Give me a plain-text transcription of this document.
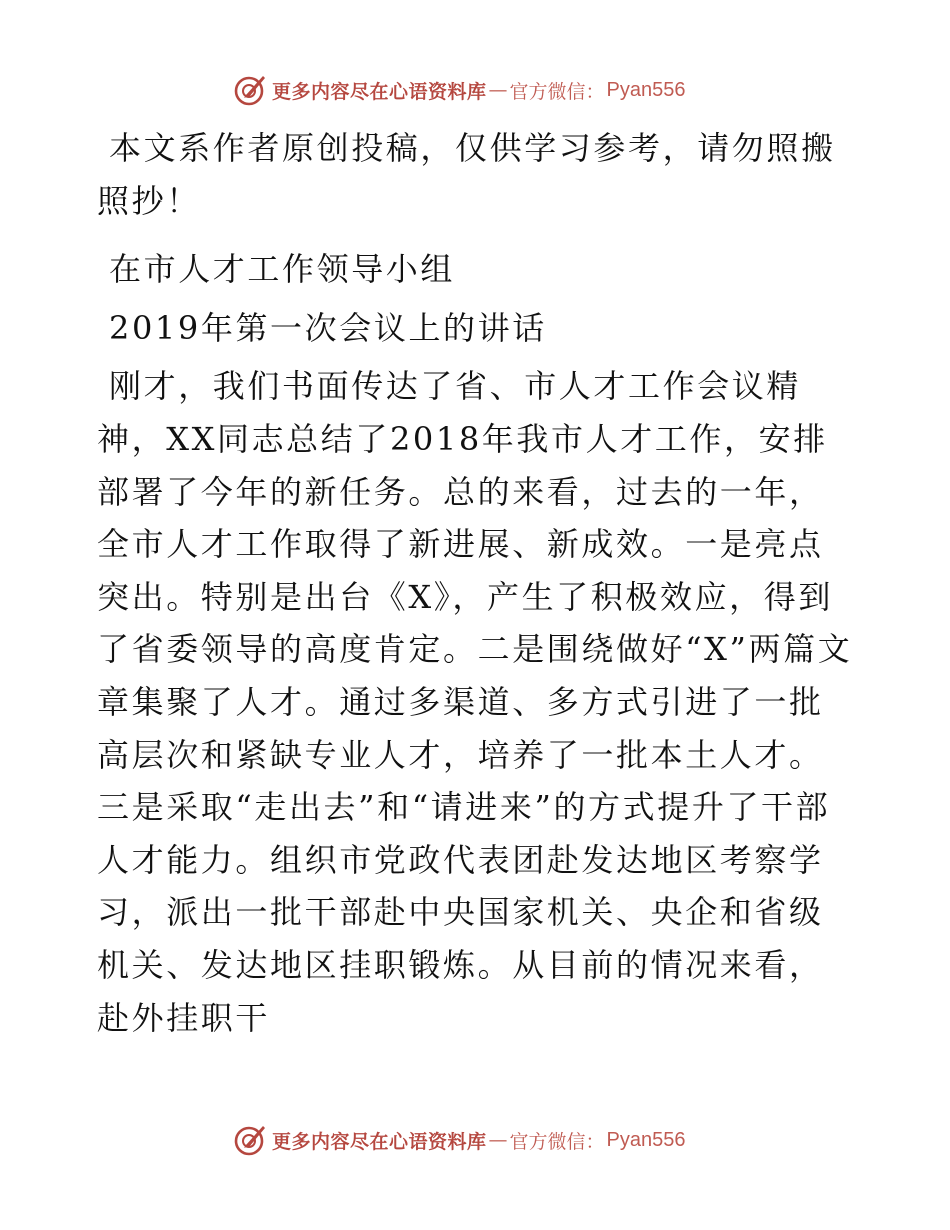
更多内容尽在心语资料库 — 官方微信： Pyan556

本文系作者原创投稿，仅供学习参考，请勿照搬照抄！

在市人才工作领导小组

2019年第一次会议上的讲话

刚才，我们书面传达了省、市人才工作会议精神，XX同志总结了2018年我市人才工作，安排部署了今年的新任务。总的来看，过去的一年，全市人才工作取得了新进展、新成效。一是亮点突出。特别是出台《X》，产生了积极效应，得到了省委领导的高度肯定。二是围绕做好“X”两篇文章集聚了人才。通过多渠道、多方式引进了一批高层次和紧缺专业人才，培养了一批本土人才。三是采取“走出去”和“请进来”的方式提升了干部人才能力。组织市党政代表团赴发达地区考察学习，派出一批干部赴中央国家机关、央企和省级机关、发达地区挂职锻炼。从目前的情况来看，赴外挂职干

更多内容尽在心语资料库 — 官方微信： Pyan556
